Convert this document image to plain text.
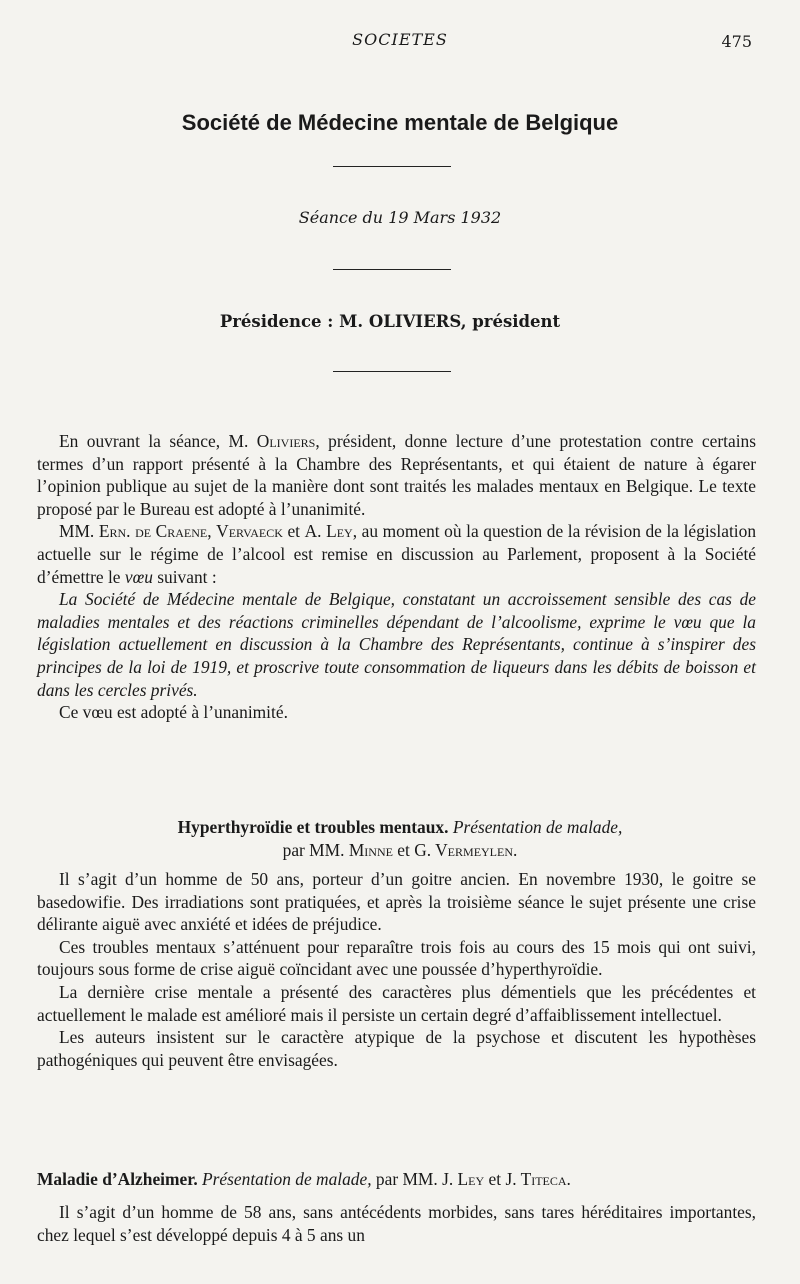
SOCIETES	475
Société de Médecine mentale de Belgique
Séance du 19 Mars 1932
Présidence : M. OLIVIERS, président

En ouvrant la séance, M. Oliviers, président, donne lecture d’une protestation contre certains termes d’un rapport présenté à la Chambre des Représentants, et qui étaient de nature à égarer l’opinion publique au sujet de la manière dont sont traités les malades mentaux en Belgique. Le texte proposé par le Bureau est adopté à l’unanimité.

MM. Ern. de Craene, Vervaeck et A. Ley, au moment où la question de la révision de la législation actuelle sur le régime de l’alcool est remise en discussion au Parlement, proposent à la Société d’émettre le vœu suivant :

La Société de Médecine mentale de Belgique, constatant un accroissement sensible des cas de maladies mentales et des réactions criminelles dépendant de l’alcoolisme, exprime le vœu que la législation actuellement en discussion à la Chambre des Représentants, continue à s’inspirer des principes de la loi de 1919, et proscrive toute consommation de liqueurs dans les débits de boisson et dans les cercles privés.

Ce vœu est adopté à l’unanimité.

Hyperthyroïdie et troubles mentaux. Présentation de malade,
par MM. Minne et G. Vermeylen.

Il s’agit d’un homme de 50 ans, porteur d’un goitre ancien. En novembre 1930, le goitre se basedowifie. Des irradiations sont pratiquées, et après la troisième séance le sujet présente une crise délirante aiguë avec anxiété et idées de préjudice.

Ces troubles mentaux s’atténuent pour reparaître trois fois au cours des 15 mois qui ont suivi, toujours sous forme de crise aiguë coïncidant avec une poussée d’hyperthyroïdie.

La dernière crise mentale a présenté des caractères plus démentiels que les précédentes et actuellement le malade est amélioré mais il persiste un certain degré d’affaiblissement intellectuel.

Les auteurs insistent sur le caractère atypique de la psychose et discutent les hypothèses pathogéniques qui peuvent être envisagées.

Maladie d’Alzheimer. Présentation de malade, par MM. J. Ley et J. Titeca.

Il s’agit d’un homme de 58 ans, sans antécédents morbides, sans tares héréditaires importantes, chez lequel s’est développé depuis 4 à 5 ans un
